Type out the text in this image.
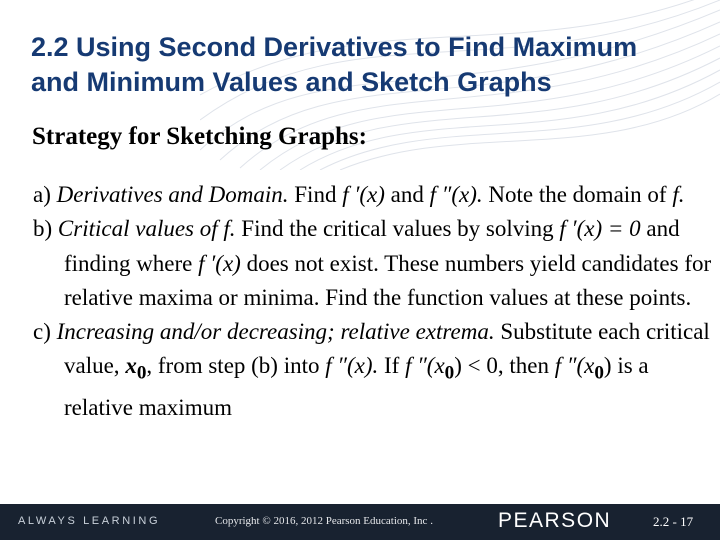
2.2 Using Second Derivatives to Find Maximum and Minimum Values and Sketch Graphs
Strategy for Sketching Graphs:

a) Derivatives and Domain. Find f ′(x) and f ″(x). Note the domain of f.

b) Critical values of f. Find the critical values by solving f ′(x) = 0 and finding where f ′(x) does not exist. These numbers yield candidates for relative maxima or minima. Find the function values at these points.

c) Increasing and/or decreasing; relative extrema. Substitute each critical value, $x_0$, from step (b) into f ″(x). If f $''(x_0) < 0$, then f $''(x_0)$ is a relative maximum

ALWAYS LEARNING	Copyright © 2016, 2012 Pearson Education, Inc .	PEARSON	2.2 - 17
